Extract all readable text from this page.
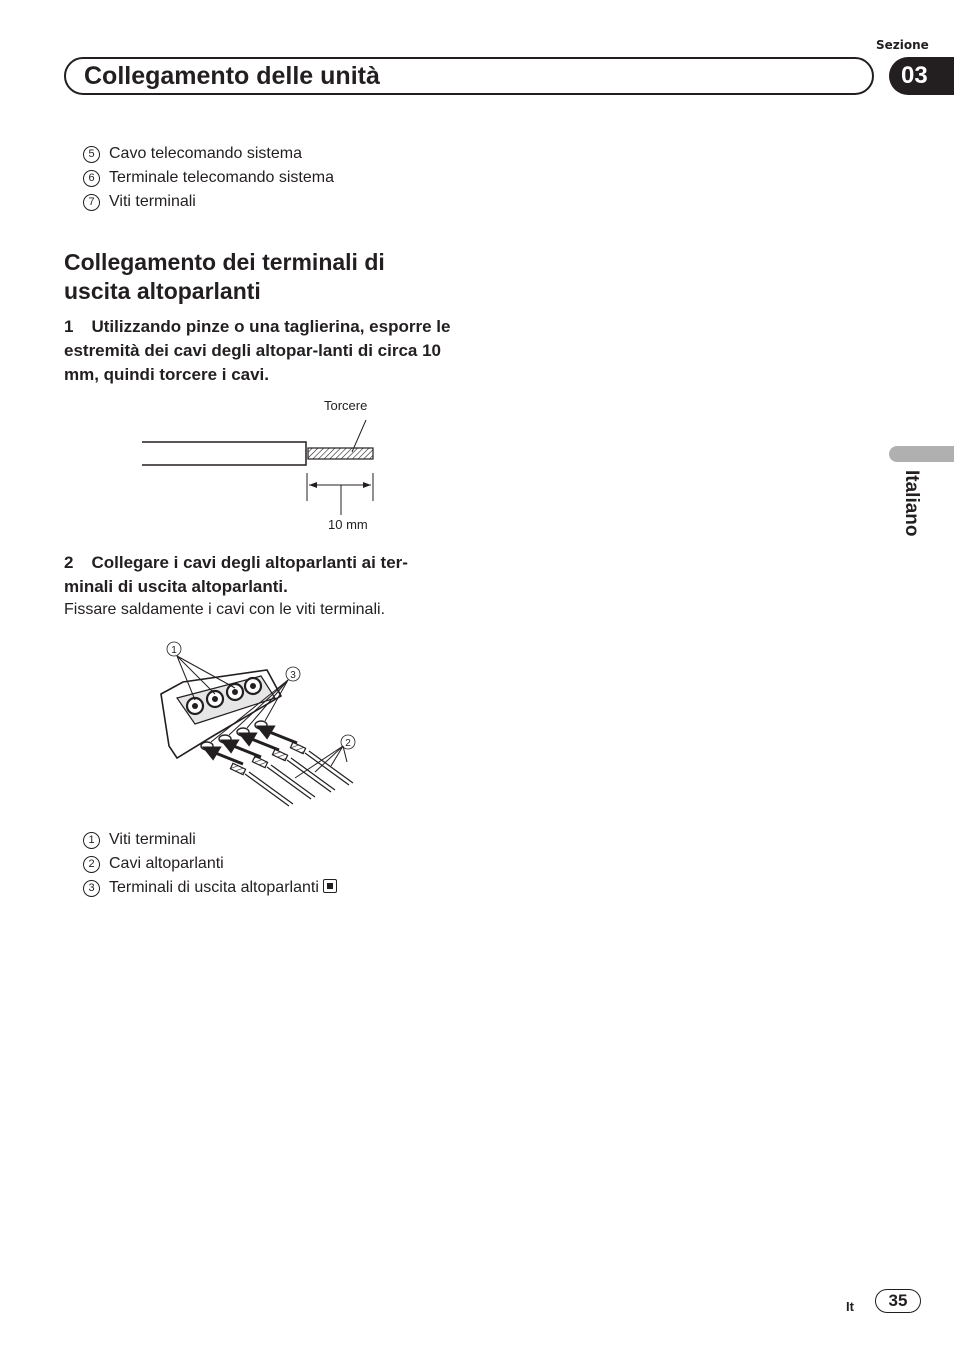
Sezione
Collegamento delle unità	03
Italiano
5 Cavo telecomando sistema
6 Terminale telecomando sistema
7 Viti terminali
Collegamento dei terminali di uscita altoparlanti
1 Utilizzando pinze o una taglierina, esporre le estremità dei cavi degli altopar-lanti di circa 10 mm, quindi torcere i cavi.
Torcere
10 mm
2 Collegare i cavi degli altoparlanti ai ter-minali di uscita altoparlanti.
Fissare saldamente i cavi con le viti terminali.
1
3
2
1 Viti terminali
2 Cavi altoparlanti
3 Terminali di uscita altoparlanti
It	35
